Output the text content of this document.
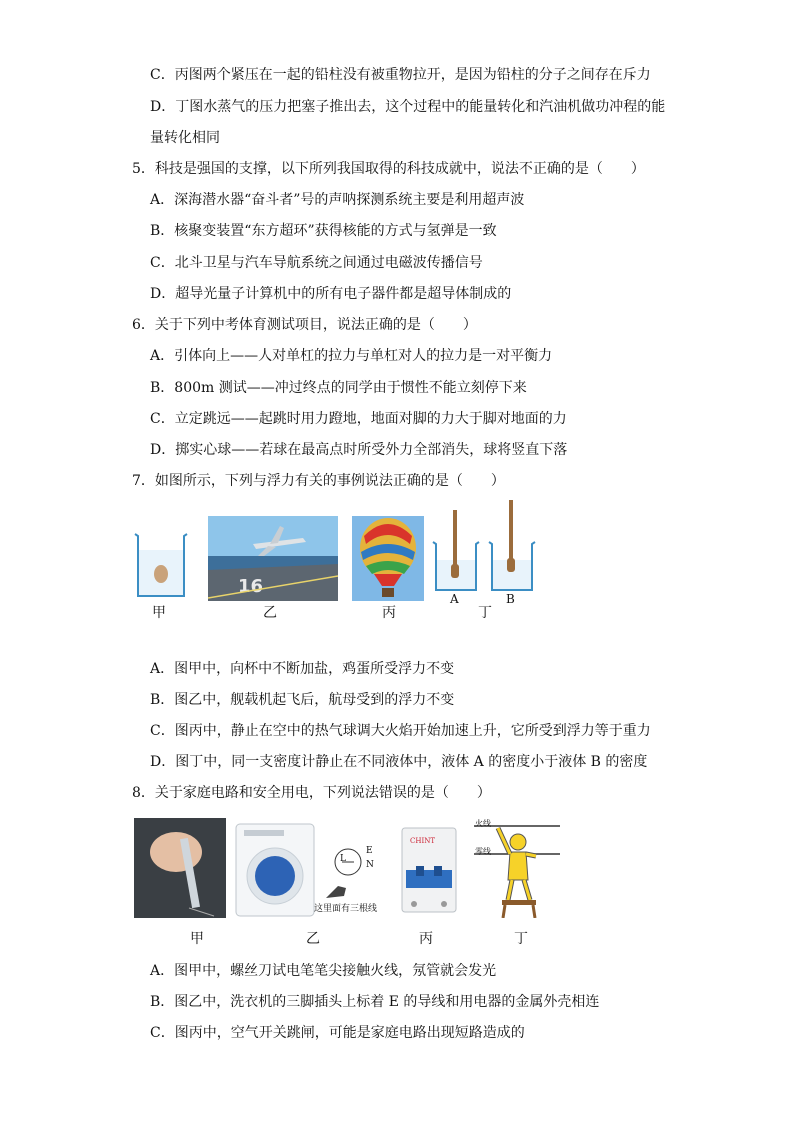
C．丙图两个紧压在一起的铅柱没有被重物拉开，是因为铅柱的分子之间存在斥力
D．丁图水蒸气的压力把塞子推出去，这个过程中的能量转化和汽油机做功冲程的能
量转化相同
5．科技是强国的支撑，以下所列我国取得的科技成就中，说法不正确的是（　　）
A．深海潜水器“奋斗者”号的声呐探测系统主要是利用超声波
B．核聚变装置“东方超环”获得核能的方式与氢弹是一致
C．北斗卫星与汽车导航系统之间通过电磁波传播信号
D．超导光量子计算机中的所有电子器件都是超导体制成的
6．关于下列中考体育测试项目，说法正确的是（　　）
A．引体向上——人对单杠的拉力与单杠对人的拉力是一对平衡力
B．800m 测试——冲过终点的同学由于惯性不能立刻停下来
C．立定跳远——起跳时用力蹬地，地面对脚的力大于脚对地面的力
D．掷实心球——若球在最高点时所受外力全部消失，球将竖直下落
7．如图所示，下列与浮力有关的事例说法正确的是（　　）
甲
16
乙	丙
A	B
丁
A．图甲中，向杯中不断加盐，鸡蛋所受浮力不变
B．图乙中，舰载机起飞后，航母受到的浮力不变
C．图丙中，静止在空中的热气球调大火焰开始加速上升，它所受到浮力等于重力
D．图丁中，同一支密度计静止在不同液体中，液体 A 的密度小于液体 B 的密度
8．关于家庭电路和安全用电，下列说法错误的是（　　）
甲
L
E
N
这里面有三根线
乙
CHINT
丙
火线
零线
丁
A．图甲中，螺丝刀试电笔笔尖接触火线，氖管就会发光
B．图乙中，洗衣机的三脚插头上标着 E 的导线和用电器的金属外壳相连
C．图丙中，空气开关跳闸，可能是家庭电路出现短路造成的
